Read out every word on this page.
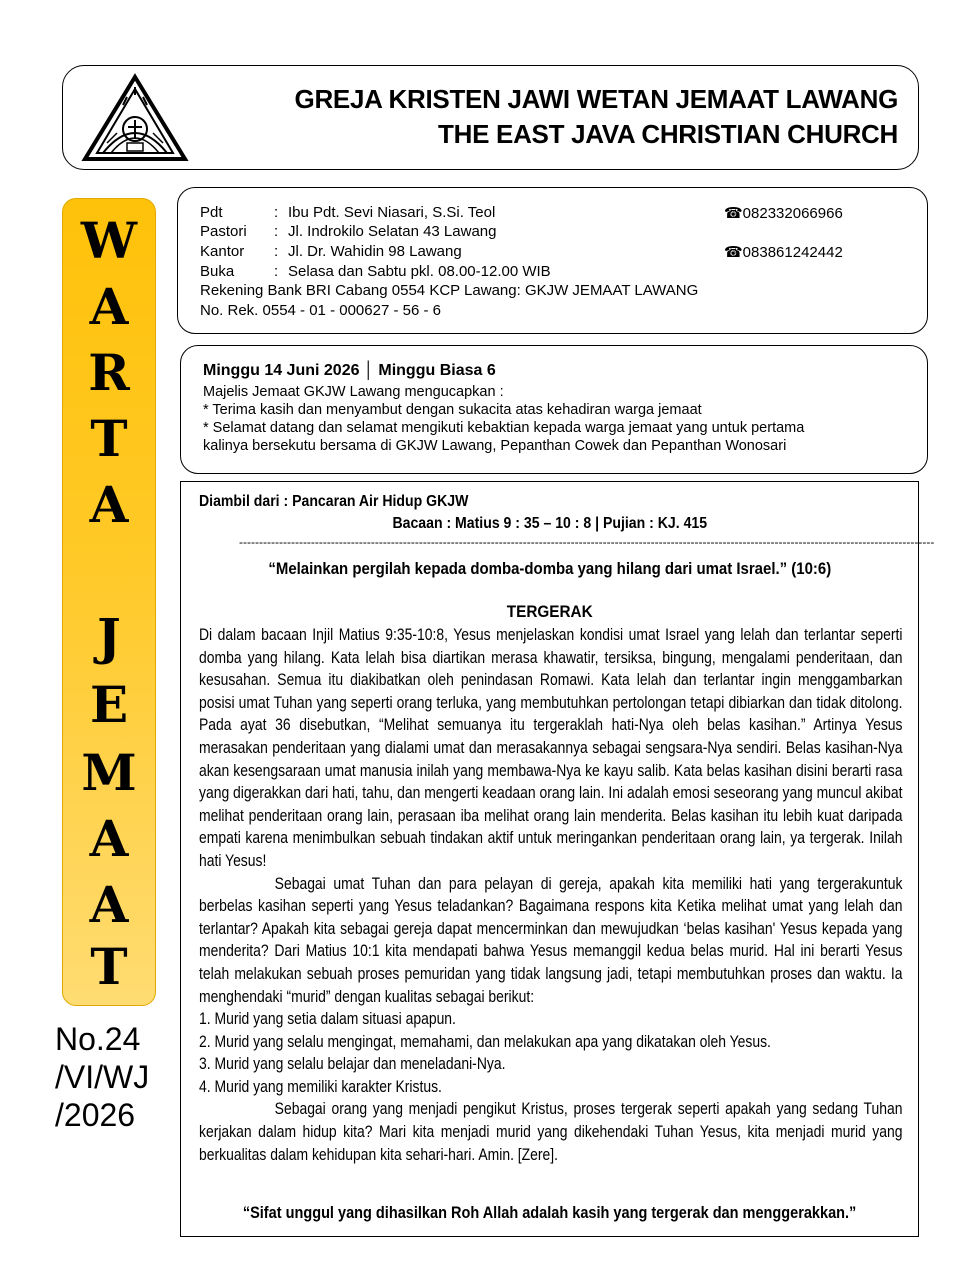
GREJA KRISTEN JAWI WETAN JEMAAT LAWANG
THE EAST JAVA CHRISTIAN CHURCH
W
A
R
T
A
J
E
M
A
A
T
No.24
/VI/WJ
/2026
Pdt	: Ibu Pdt. Sevi Niasari, S.Si. Teol
Pastori : Jl. Indrokilo Selatan 43 Lawang
Kantor : Jl. Dr. Wahidin 98 Lawang
Buka	: Selasa dan Sabtu pkl. 08.00-12.00 WIB
Rekening Bank BRI Cabang 0554 KCP Lawang: GKJW JEMAAT LAWANG
No. Rek. 0554 - 01 - 000627 - 56 - 6
☎082332066966
☎083861242442
Minggu 14 Juni 2026 │ Minggu Biasa 6
Majelis Jemaat GKJW Lawang mengucapkan :
* Terima kasih dan menyambut dengan sukacita atas kehadiran warga jemaat
* Selamat datang dan selamat mengikuti kebaktian kepada warga jemaat yang untuk pertama
kalinya bersekutu bersama di GKJW Lawang, Pepanthan Cowek dan Pepanthan Wonosari
Diambil dari : Pancaran Air Hidup GKJW
Bacaan : Matius 9 : 35 – 10 : 8 | Pujian : KJ. 415
------------------------------------------------------------------------------------------------------------------------------------------------------------------------------
“Melainkan pergilah kepada domba-domba yang hilang dari umat Israel.” (10:6)
TERGERAK

Di dalam bacaan Injil Matius 9:35-10:8, Yesus menjelaskan kondisi umat Israel yang lelah dan terlantar seperti domba yang hilang. Kata lelah bisa diartikan merasa khawatir, tersiksa, bingung, mengalami penderitaan, dan kesusahan. Semua itu diakibatkan oleh penindasan Romawi. Kata lelah dan terlantar ingin menggambarkan posisi umat Tuhan yang seperti orang terluka, yang membutuhkan pertolongan tetapi dibiarkan dan tidak ditolong. Pada ayat 36 disebutkan, “Melihat semuanya itu tergeraklah hati-Nya oleh belas kasihan.” Artinya Yesus merasakan penderitaan yang dialami umat dan merasakannya sebagai sengsara-Nya sendiri. Belas kasihan-Nya akan kesengsaraan umat manusia inilah yang membawa-Nya ke kayu salib. Kata belas kasihan disini berarti rasa yang digerakkan dari hati, tahu, dan mengerti keadaan orang lain. Ini adalah emosi seseorang yang muncul akibat melihat penderitaan orang lain, perasaan iba melihat orang lain menderita. Belas kasihan itu lebih kuat daripada empati karena menimbulkan sebuah tindakan aktif untuk meringankan penderitaan orang lain, ya tergerak. Inilah hati Yesus!

Sebagai umat Tuhan dan para pelayan di gereja, apakah kita memiliki hati yang tergerakuntuk berbelas kasihan seperti yang Yesus teladankan? Bagaimana respons kita Ketika melihat umat yang lelah dan terlantar? Apakah kita sebagai gereja dapat mencerminkan dan mewujudkan ‘belas kasihan' Yesus kepada yang menderita? Dari Matius 10:1 kita mendapati bahwa Yesus memanggil kedua belas murid. Hal ini berarti Yesus telah melakukan sebuah proses pemuridan yang tidak langsung jadi, tetapi membutuhkan proses dan waktu. Ia menghendaki “murid” dengan kualitas sebagai berikut:

1. Murid yang setia dalam situasi apapun.
2. Murid yang selalu mengingat, memahami, dan melakukan apa yang dikatakan oleh Yesus.
3. Murid yang selalu belajar dan meneladani-Nya.
4. Murid yang memiliki karakter Kristus.

Sebagai orang yang menjadi pengikut Kristus, proses tergerak seperti apakah yang sedang Tuhan kerjakan dalam hidup kita? Mari kita menjadi murid yang dikehendaki Tuhan Yesus, kita menjadi murid yang berkualitas dalam kehidupan kita sehari-hari. Amin. [Zere].

“Sifat unggul yang dihasilkan Roh Allah adalah kasih yang tergerak dan menggerakkan.”
